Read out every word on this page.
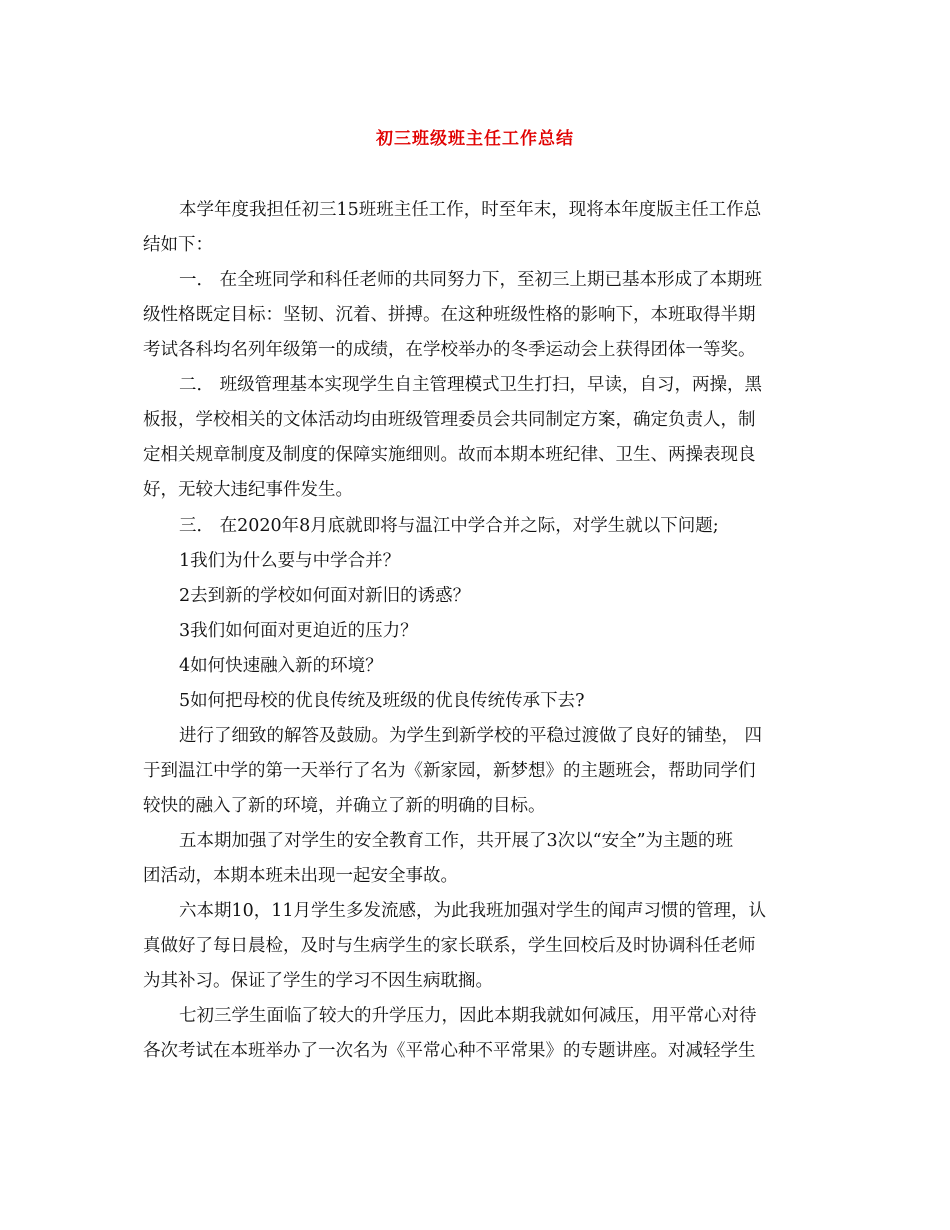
初三班级班主任工作总结

本学年度我担任初三15班班主任工作，时至年末，现将本年度版主任工作总

结如下：

一． 在全班同学和科任老师的共同努力下，至初三上期已基本形成了本期班

级性格既定目标：坚韧、沉着、拼搏。在这种班级性格的影响下，本班取得半期

考试各科均名列年级第一的成绩，在学校举办的冬季运动会上获得团体一等奖。

二． 班级管理基本实现学生自主管理模式卫生打扫，早读，自习，两操，黑

板报，学校相关的文体活动均由班级管理委员会共同制定方案，确定负责人，制

定相关规章制度及制度的保障实施细则。故而本期本班纪律、卫生、两操表现良

好，无较大违纪事件发生。

三． 在2020年8月底就即将与温江中学合并之际，对学生就以下问题;

1我们为什么要与中学合并？

2去到新的学校如何面对新旧的诱惑？

3我们如何面对更迫近的压力？

4如何快速融入新的环境？

5如何把母校的优良传统及班级的优良传统传承下去?

进行了细致的解答及鼓励。为学生到新学校的平稳过渡做了良好的铺垫， 四

于到温江中学的第一天举行了名为《新家园，新梦想》的主题班会，帮助同学们

较快的融入了新的环境，并确立了新的明确的目标。

五本期加强了对学生的安全教育工作，共开展了3次以“安全”为主题的班

团活动，本期本班未出现一起安全事故。

六本期10，11月学生多发流感，为此我班加强对学生的闻声习惯的管理，认

真做好了每日晨检，及时与生病学生的家长联系，学生回校后及时协调科任老师

为其补习。保证了学生的学习不因生病耽搁。

七初三学生面临了较大的升学压力，因此本期我就如何减压，用平常心对待

各次考试在本班举办了一次名为《平常心种不平常果》的专题讲座。对减轻学生
